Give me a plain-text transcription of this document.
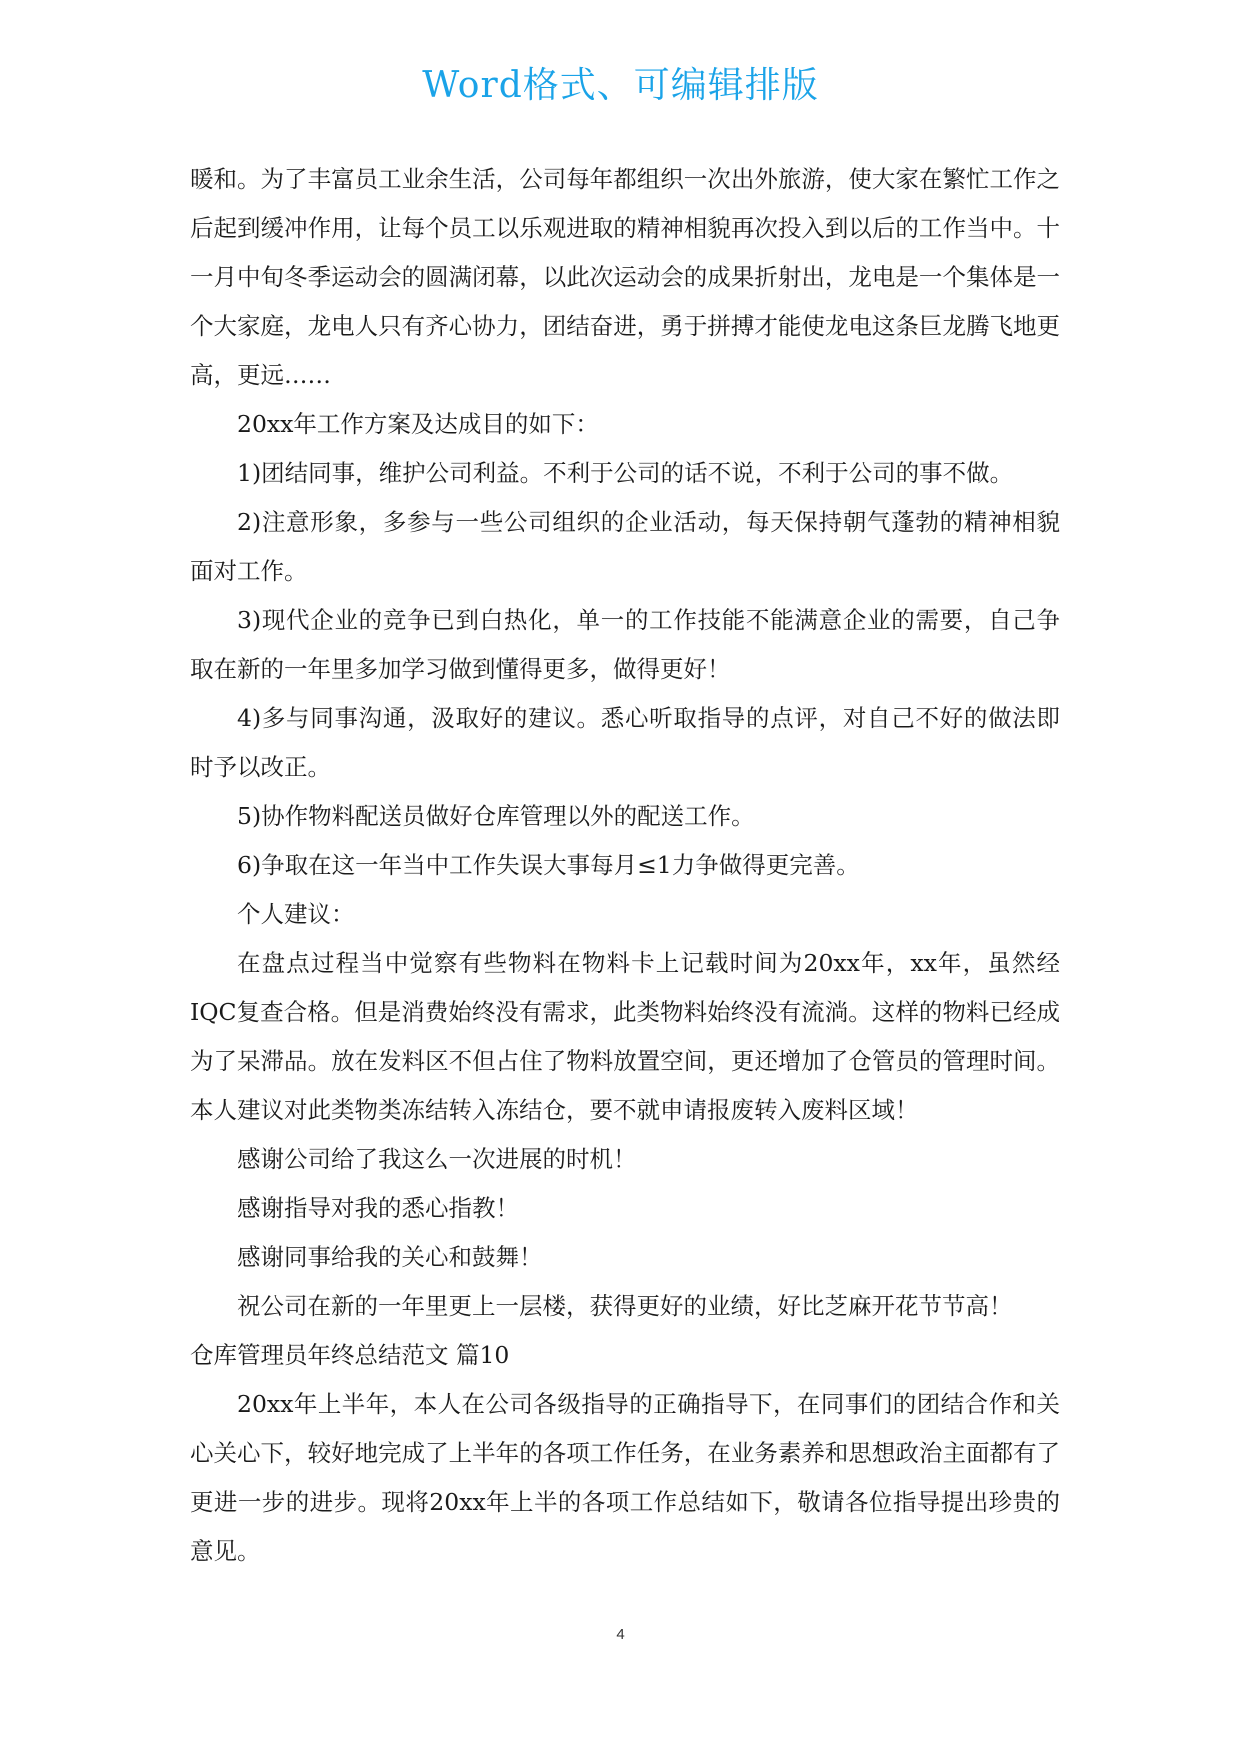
Word格式、可编辑排版

暖和。为了丰富员工业余生活，公司每年都组织一次出外旅游，使大家在繁忙工作之后起到缓冲作用，让每个员工以乐观进取的精神相貌再次投入到以后的工作当中。十一月中旬冬季运动会的圆满闭幕，以此次运动会的成果折射出，龙电是一个集体是一个大家庭，龙电人只有齐心协力，团结奋进，勇于拼搏才能使龙电这条巨龙腾飞地更高，更远……

20xx年工作方案及达成目的如下：

1)团结同事，维护公司利益。不利于公司的话不说，不利于公司的事不做。

2)注意形象，多参与一些公司组织的企业活动，每天保持朝气蓬勃的精神相貌面对工作。

3)现代企业的竞争已到白热化，单一的工作技能不能满意企业的需要，自己争取在新的一年里多加学习做到懂得更多，做得更好！

4)多与同事沟通，汲取好的建议。悉心听取指导的点评，对自己不好的做法即时予以改正。

5)协作物料配送员做好仓库管理以外的配送工作。

6)争取在这一年当中工作失误大事每月≤1力争做得更完善。

个人建议：

在盘点过程当中觉察有些物料在物料卡上记载时间为20xx年，xx年，虽然经IQC复查合格。但是消费始终没有需求，此类物料始终没有流淌。这样的物料已经成为了呆滞品。放在发料区不但占住了物料放置空间，更还增加了仓管员的管理时间。本人建议对此类物类冻结转入冻结仓，要不就申请报废转入废料区域！

感谢公司给了我这么一次进展的时机！

感谢指导对我的悉心指教！

感谢同事给我的关心和鼓舞！

祝公司在新的一年里更上一层楼，获得更好的业绩，好比芝麻开花节节高！

仓库管理员年终总结范文 篇10

20xx年上半年，本人在公司各级指导的正确指导下，在同事们的团结合作和关心关心下，较好地完成了上半年的各项工作任务，在业务素养和思想政治主面都有了更进一步的进步。现将20xx年上半的各项工作总结如下，敬请各位指导提出珍贵的意见。

4
